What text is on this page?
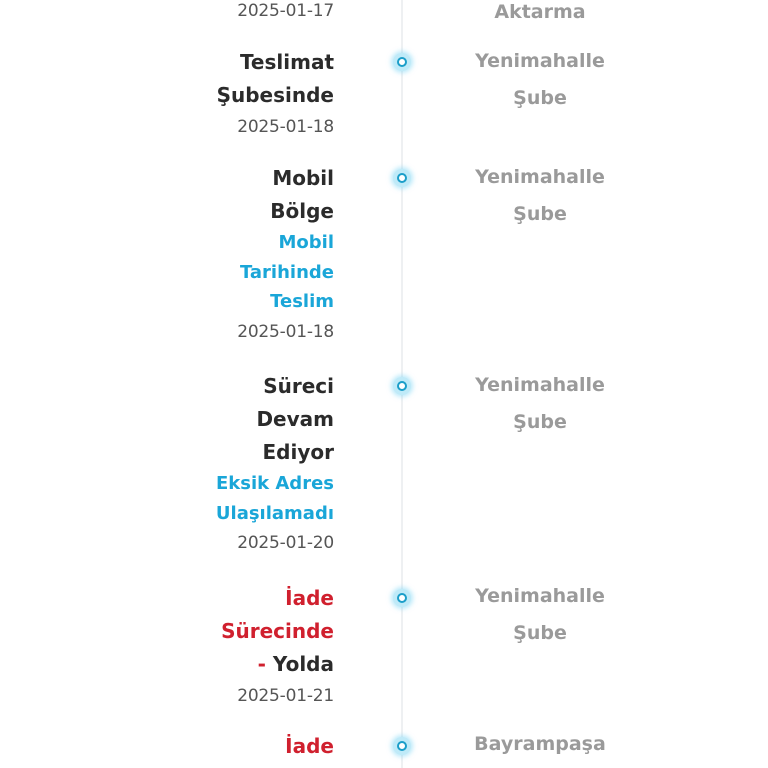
2025-01-17	Aktarma
Teslimat
Şubesinde
2025-01-18
Yenimahalle
Şube
Mobil
Bölge
Mobil
Tarihinde
Teslim
2025-01-18
Yenimahalle
Şube
Süreci
Devam
Ediyor
Eksik Adres
Ulaşılamadı
2025-01-20
Yenimahalle
Şube
İade
Sürecinde
- Yolda
2025-01-21
Yenimahalle
Şube
İade	Bayrampaşa
